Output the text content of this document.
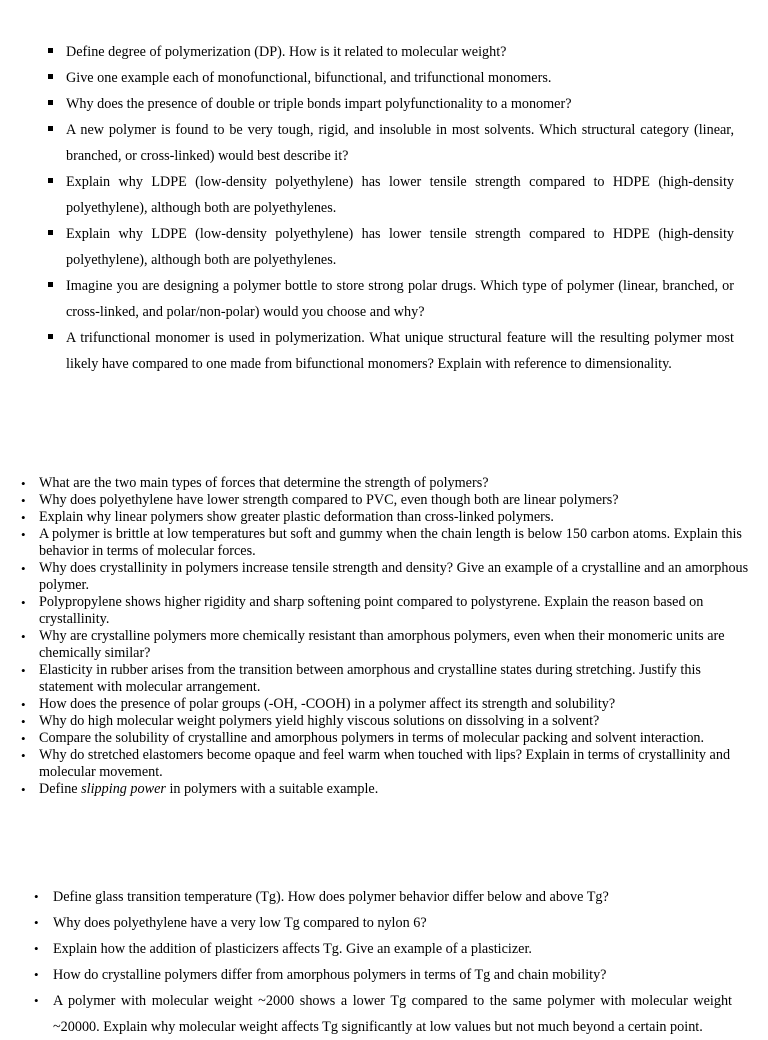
Define degree of polymerization (DP). How is it related to molecular weight?

Give one example each of monofunctional, bifunctional, and trifunctional monomers.

Why does the presence of double or triple bonds impart polyfunctionality to a monomer?

A new polymer is found to be very tough, rigid, and insoluble in most solvents. Which structural category (linear, branched, or cross-linked) would best describe it?

Explain why LDPE (low-density polyethylene) has lower tensile strength compared to HDPE (high-density polyethylene), although both are polyethylenes.

Explain why LDPE (low-density polyethylene) has lower tensile strength compared to HDPE (high-density polyethylene), although both are polyethylenes.

Imagine you are designing a polymer bottle to store strong polar drugs. Which type of polymer (linear, branched, or cross-linked, and polar/non-polar) would you choose and why?

A trifunctional monomer is used in polymerization. What unique structural feature will the resulting polymer most likely have compared to one made from bifunctional monomers? Explain with reference to dimensionality.

• What are the two main types of forces that determine the strength of polymers?

• Why does polyethylene have lower strength compared to PVC, even though both are linear polymers?

• Explain why linear polymers show greater plastic deformation than cross-linked polymers.

• A polymer is brittle at low temperatures but soft and gummy when the chain length is below 150 carbon atoms. Explain this behavior in terms of molecular forces.

• Why does crystallinity in polymers increase tensile strength and density? Give an example of a crystalline and an amorphous polymer.

• Polypropylene shows higher rigidity and sharp softening point compared to polystyrene. Explain the reason based on crystallinity.

• Why are crystalline polymers more chemically resistant than amorphous polymers, even when their monomeric units are chemically similar?

• Elasticity in rubber arises from the transition between amorphous and crystalline states during stretching. Justify this statement with molecular arrangement.

• How does the presence of polar groups (-OH, -COOH) in a polymer affect its strength and solubility?

• Why do high molecular weight polymers yield highly viscous solutions on dissolving in a solvent?

• Compare the solubility of crystalline and amorphous polymers in terms of molecular packing and solvent interaction.

• Why do stretched elastomers become opaque and feel warm when touched with lips? Explain in terms of crystallinity and molecular movement.

• Define slipping power in polymers with a suitable example.

• Define glass transition temperature (Tg). How does polymer behavior differ below and above Tg?

• Why does polyethylene have a very low Tg compared to nylon 6?

• Explain how the addition of plasticizers affects Tg. Give an example of a plasticizer.

• How do crystalline polymers differ from amorphous polymers in terms of Tg and chain mobility?

• A polymer with molecular weight ~2000 shows a lower Tg compared to the same polymer with molecular weight ~20000. Explain why molecular weight affects Tg significantly at low values but not much beyond a certain point.
